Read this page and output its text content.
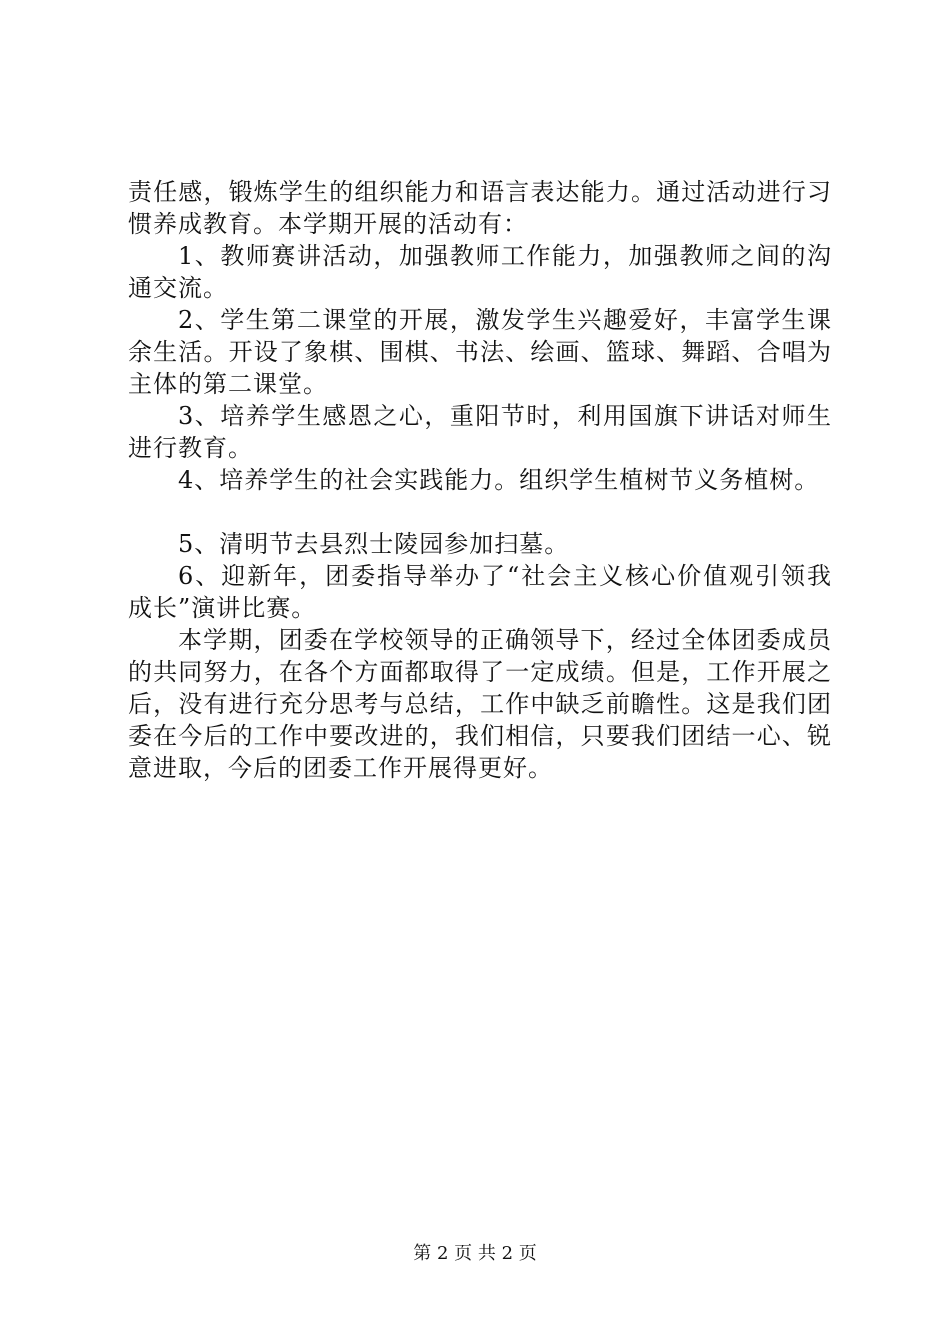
责任感，锻炼学生的组织能力和语言表达能力。通过活动进行习惯养成教育。本学期开展的活动有：

1、教师赛讲活动，加强教师工作能力，加强教师之间的沟通交流。

2、学生第二课堂的开展，激发学生兴趣爱好，丰富学生课余生活。开设了象棋、围棋、书法、绘画、篮球、舞蹈、合唱为主体的第二课堂。

3、培养学生感恩之心，重阳节时，利用国旗下讲话对师生进行教育。

4、培养学生的社会实践能力。组织学生植树节义务植树。

5、清明节去县烈士陵园参加扫墓。

6、迎新年，团委指导举办了“社会主义核心价值观引领我成长”演讲比赛。

本学期，团委在学校领导的正确领导下，经过全体团委成员的共同努力，在各个方面都取得了一定成绩。但是，工作开展之后，没有进行充分思考与总结，工作中缺乏前瞻性。这是我们团委在今后的工作中要改进的，我们相信，只要我们团结一心、锐意进取，今后的团委工作开展得更好。

第 2 页 共 2 页
